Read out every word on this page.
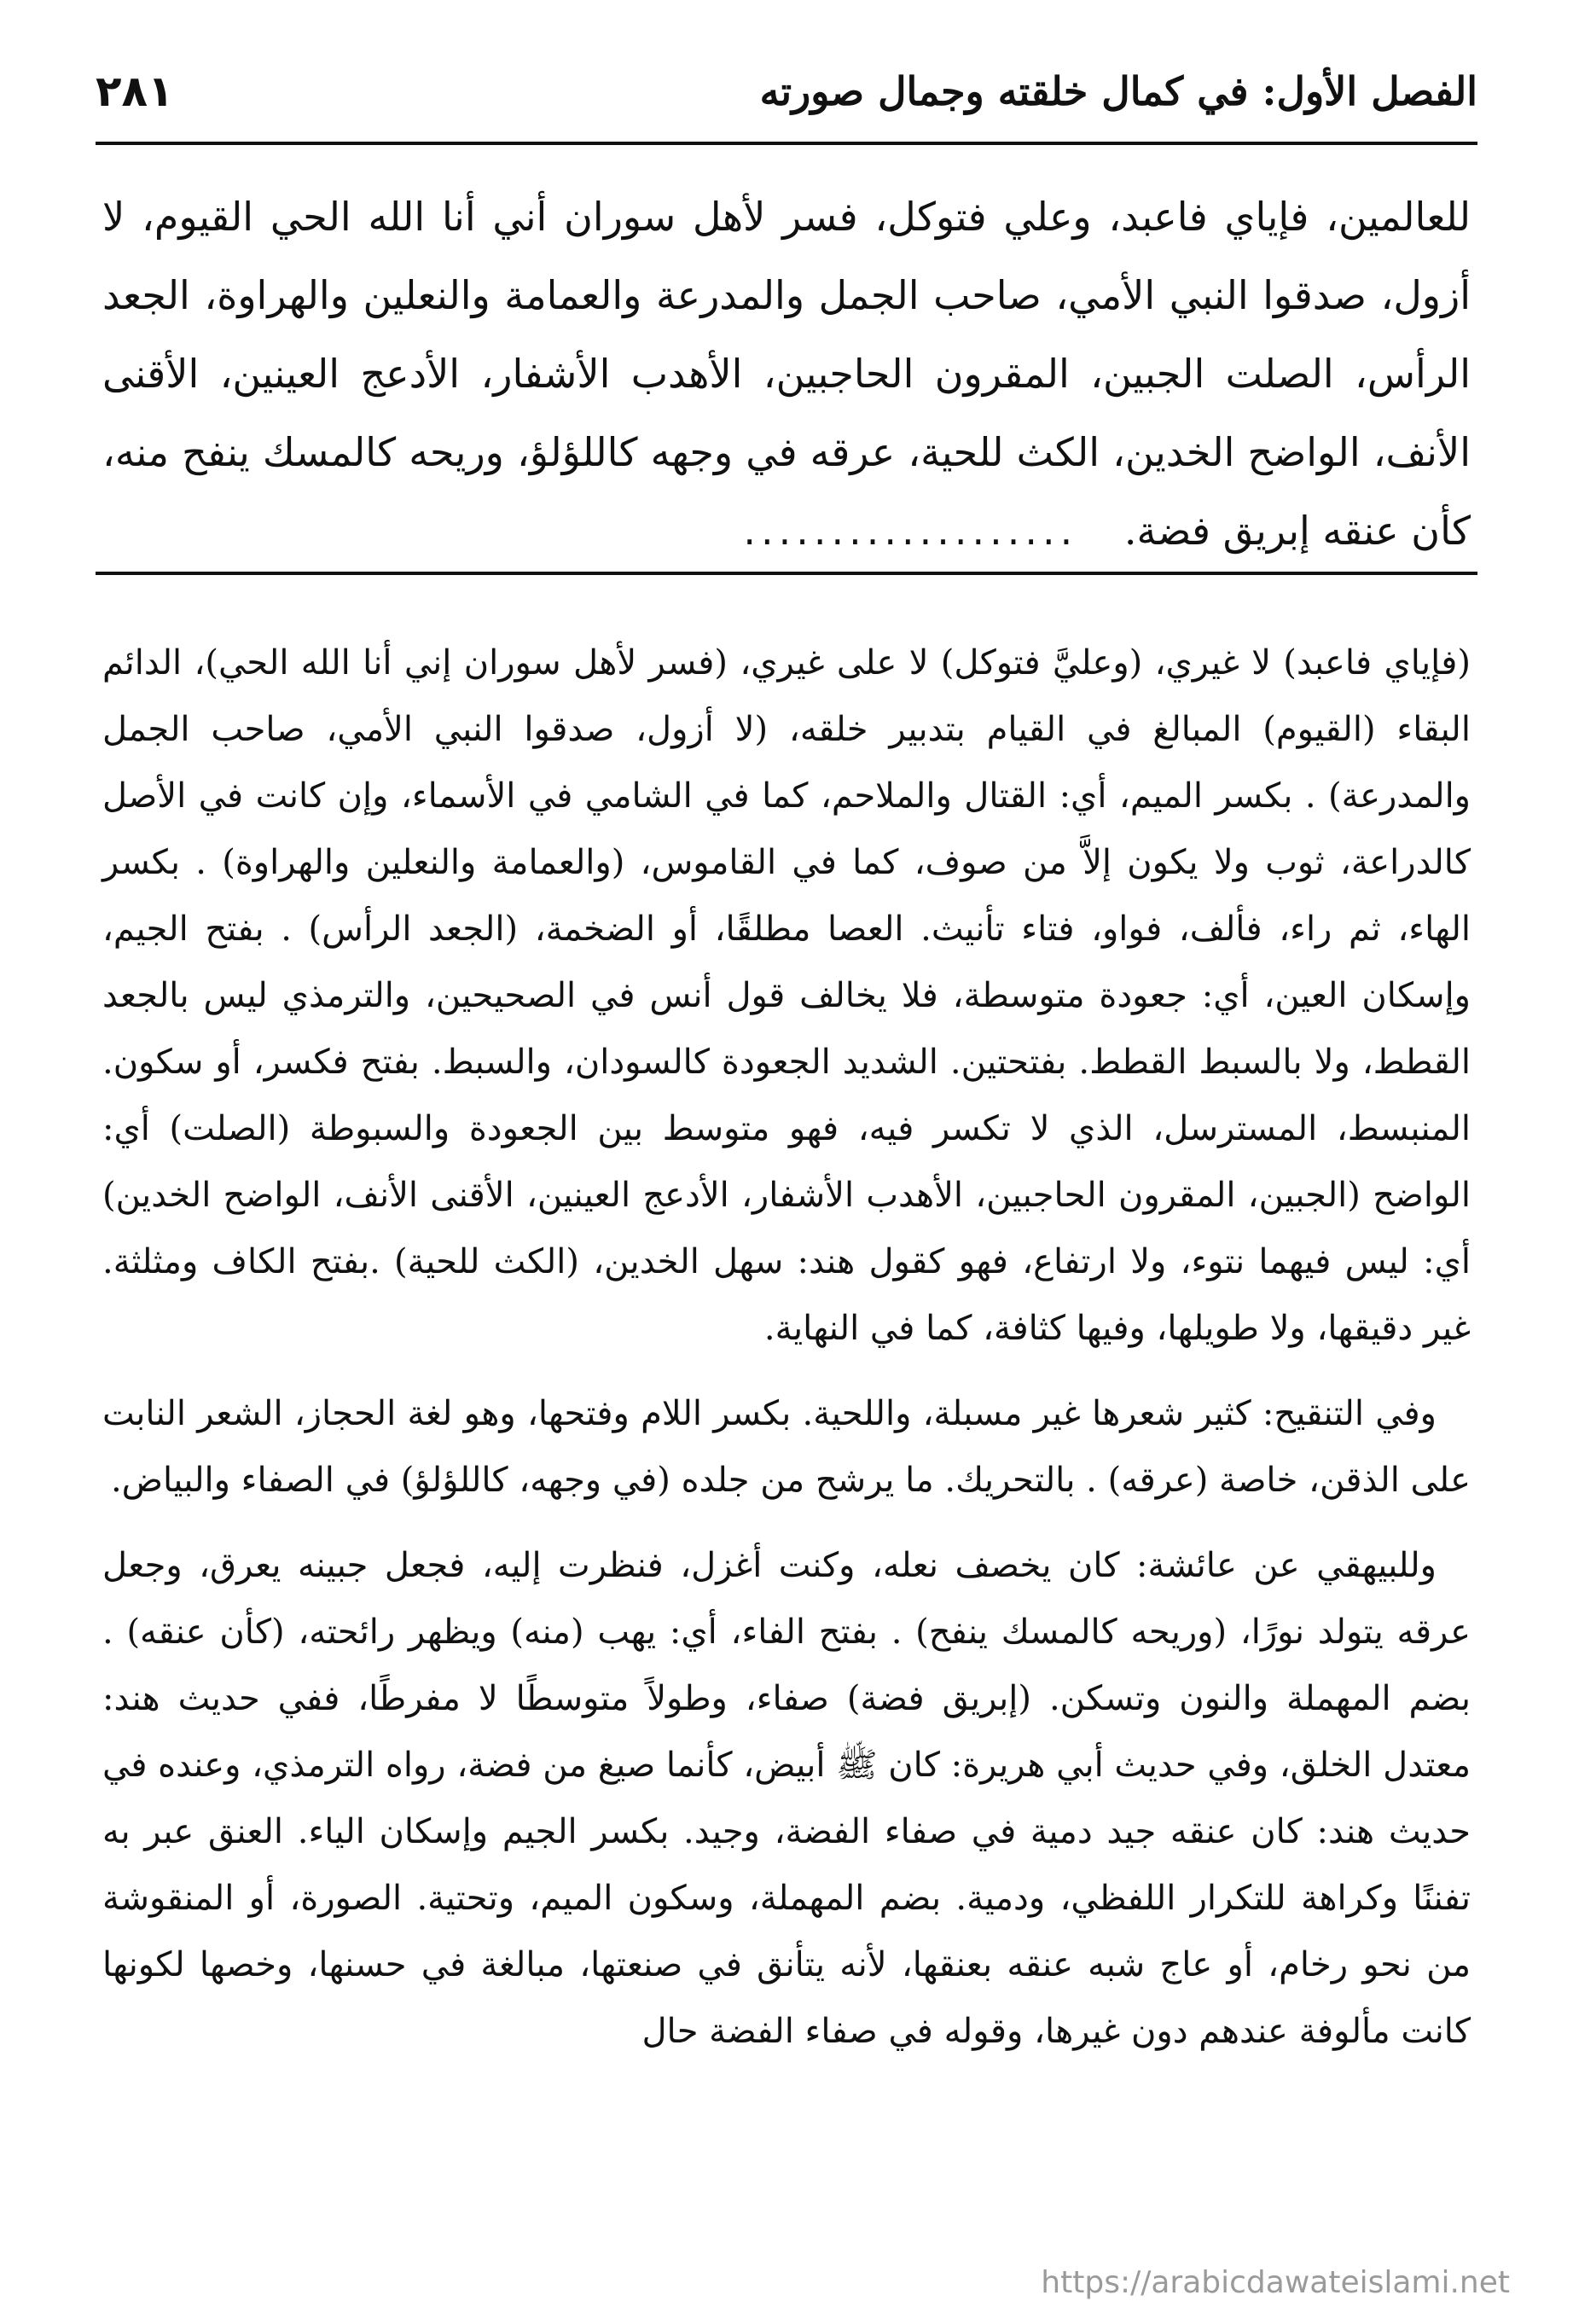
الفصل الأول: في كمال خلقته وجمال صورته
٢٨١

للعالمين، فإياي فاعبد، وعلي فتوكل، فسر لأهل سوران أني أنا الله الحي القيوم، لا أزول، صدقوا النبي الأمي، صاحب الجمل والمدرعة والعمامة والنعلين والهراوة، الجعد الرأس، الصلت الجبين، المقرون الحاجبين، الأهدب الأشفار، الأدعج العينين، الأقنى الأنف، الواضح الخدين، الكث للحية، عرقه في وجهه كاللؤلؤ، وريحه كالمسك ينفح منه، كأن عنقه إبريق فضة. ...................

(فإياي فاعبد) لا غيري، (وعليَّ فتوكل) لا على غيري، (فسر لأهل سوران إني أنا الله الحي)، الدائم البقاء (القيوم) المبالغ في القيام بتدبير خلقه، (لا أزول، صدقوا النبي الأمي، صاحب الجمل والمدرعة) . بكسر الميم، أي: القتال والملاحم، كما في الشامي في الأسماء، وإن كانت في الأصل كالدراعة، ثوب ولا يكون إلاَّ من صوف، كما في القاموس، (والعمامة والنعلين والهراوة) . بكسر الهاء، ثم راء، فألف، فواو، فتاء تأنيث. العصا مطلقًا، أو الضخمة، (الجعد الرأس) . بفتح الجيم، وإسكان العين، أي: جعودة متوسطة، فلا يخالف قول أنس في الصحيحين، والترمذي ليس بالجعد القطط، ولا بالسبط القطط. بفتحتين. الشديد الجعودة كالسودان، والسبط. بفتح فكسر، أو سكون. المنبسط، المسترسل، الذي لا تكسر فيه، فهو متوسط بين الجعودة والسبوطة (الصلت) أي: الواضح (الجبين، المقرون الحاجبين، الأهدب الأشفار، الأدعج العينين، الأقنى الأنف، الواضح الخدين) أي: ليس فيهما نتوء، ولا ارتفاع، فهو كقول هند: سهل الخدين، (الكث للحية) .بفتح الكاف ومثلثة. غير دقيقها، ولا طويلها، وفيها كثافة، كما في النهاية.

وفي التنقيح: كثير شعرها غير مسبلة، واللحية. بكسر اللام وفتحها، وهو لغة الحجاز، الشعر النابت على الذقن، خاصة (عرقه) . بالتحريك. ما يرشح من جلده (في وجهه، كاللؤلؤ) في الصفاء والبياض.

وللبيهقي عن عائشة: كان يخصف نعله، وكنت أغزل، فنظرت إليه، فجعل جبينه يعرق، وجعل عرقه يتولد نورًا، (وريحه كالمسك ينفح) . بفتح الفاء، أي: يهب (منه) ويظهر رائحته، (كأن عنقه) . بضم المهملة والنون وتسكن. (إبريق فضة) صفاء، وطولاً متوسطًا لا مفرطًا، ففي حديث هند: معتدل الخلق، وفي حديث أبي هريرة: كان ﷺ أبيض، كأنما صيغ من فضة، رواه الترمذي، وعنده في حديث هند: كان عنقه جيد دمية في صفاء الفضة، وجيد. بكسر الجيم وإسكان الياء. العنق عبر به تفننًا وكراهة للتكرار اللفظي، ودمية. بضم المهملة، وسكون الميم، وتحتية. الصورة، أو المنقوشة من نحو رخام، أو عاج شبه عنقه بعنقها، لأنه يتأنق في صنعتها، مبالغة في حسنها، وخصها لكونها كانت مألوفة عندهم دون غيرها، وقوله في صفاء الفضة حال

https://arabicdawateislami.net
